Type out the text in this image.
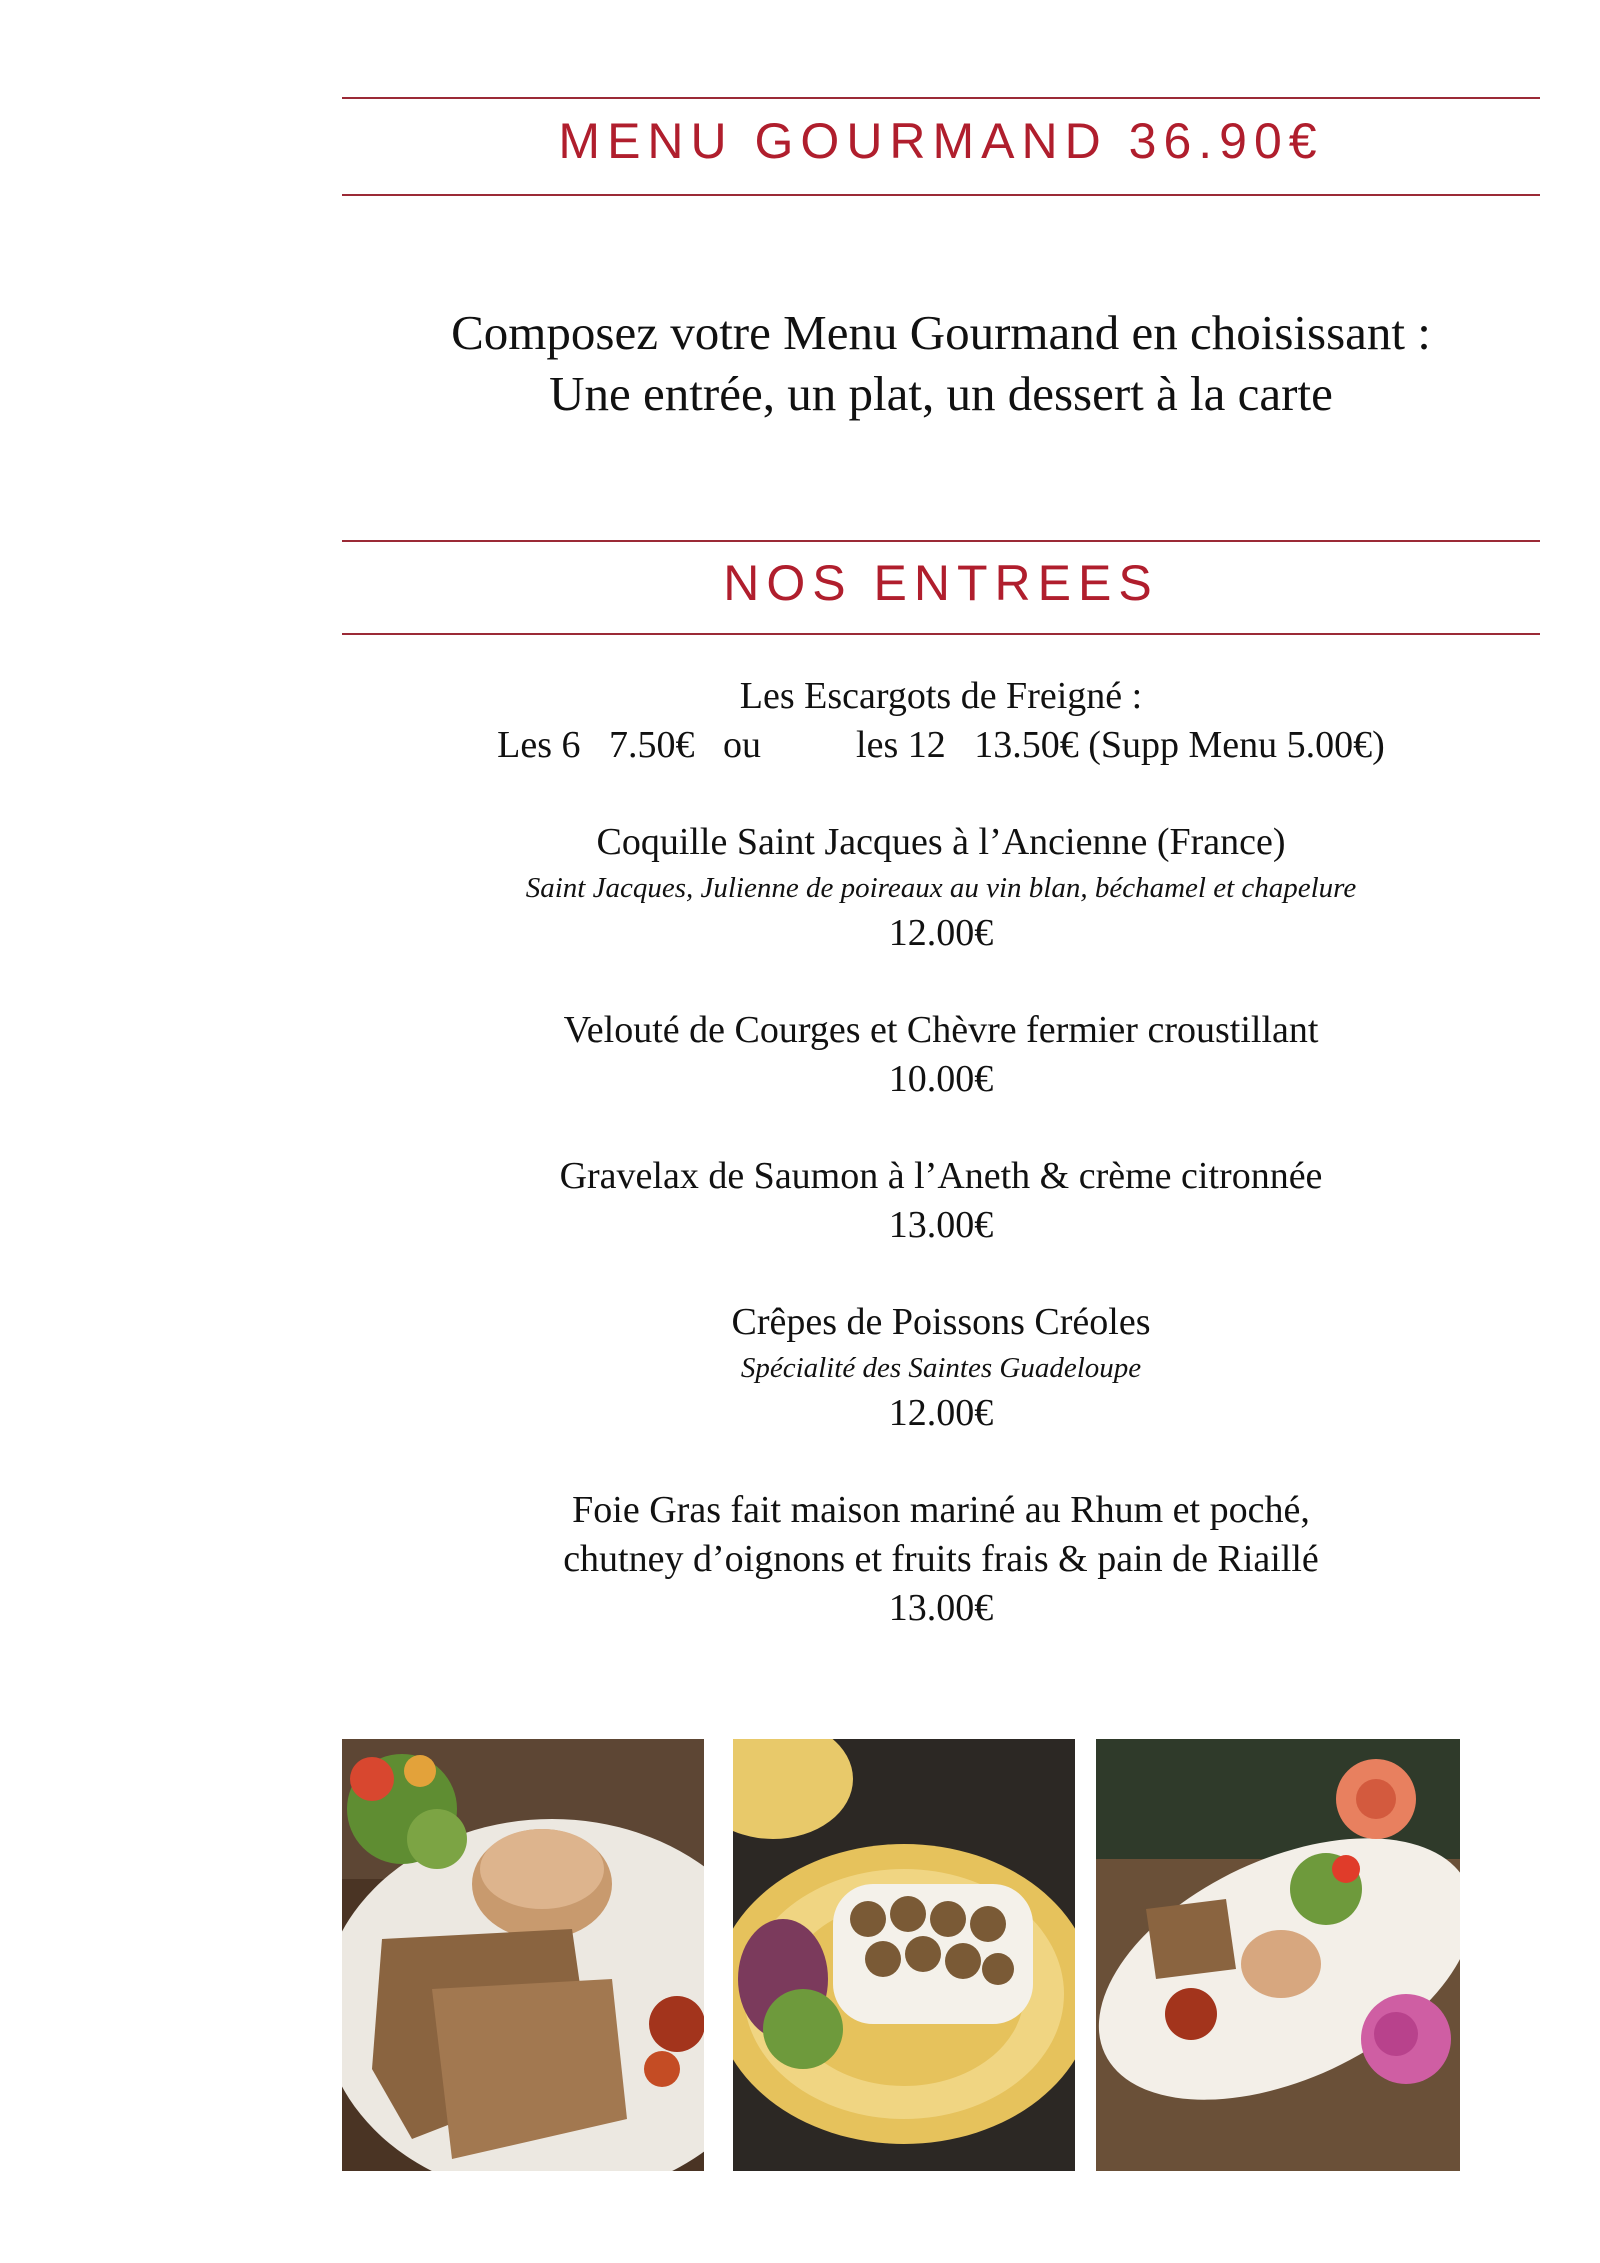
MENU GOURMAND 36.90€
Composez votre Menu Gourmand en choisissant :
Une entrée, un plat, un dessert à la carte
NOS ENTREES
Les Escargots de Freigné :
Les 6 7.50€ ou	les 12 13.50€ (Supp Menu 5.00€)
Coquille Saint Jacques à l’Ancienne (France)
Saint Jacques, Julienne de poireaux au vin blan, béchamel et chapelure
12.00€
Velouté de Courges et Chèvre fermier croustillant
10.00€
Gravelax de Saumon à l’Aneth & crème citronnée
13.00€
Crêpes de Poissons Créoles
Spécialité des Saintes Guadeloupe
12.00€
Foie Gras fait maison mariné au Rhum et poché,
chutney d’oignons et fruits frais & pain de Riaillé
13.00€
